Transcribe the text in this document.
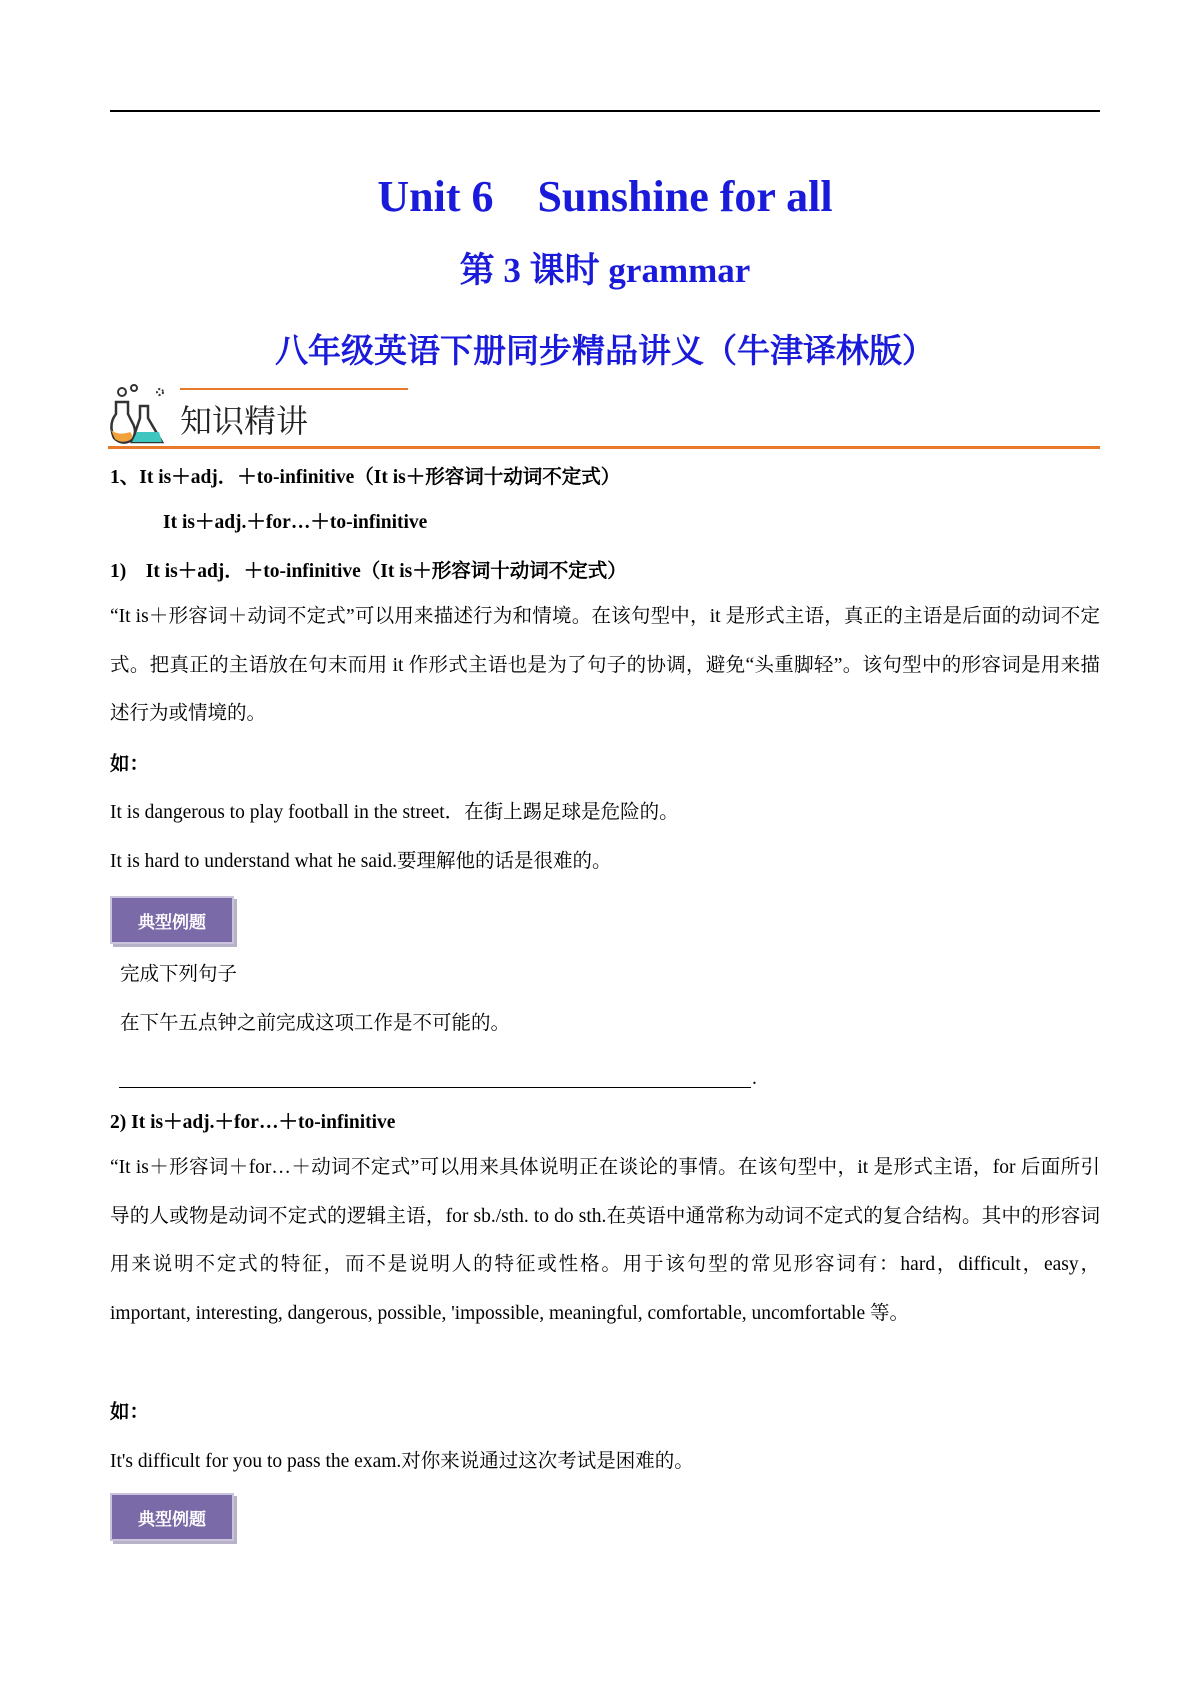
Unit 6　Sunshine for all
第 3 课时 grammar
八年级英语下册同步精品讲义（牛津译林版）
知识精讲
1、It is＋adj．＋to-infinitive（It is＋形容词十动词不定式）
It is＋adj.＋for…＋to-infinitive
1)　It is＋adj．＋to-infinitive（It is＋形容词十动词不定式）
“It is＋形容词＋动词不定式”可以用来描述行为和情境。在该句型中，it 是形式主语，真正的主语是后面的动词不定式。把真正的主语放在句末而用 it 作形式主语也是为了句子的协调，避免“头重脚轻”。该句型中的形容词是用来描述行为或情境的。
如：
It is dangerous to play football in the street．在街上踢足球是危险的。
It is hard to understand what he said.要理解他的话是很难的。
典型例题
完成下列句子
在下午五点钟之前完成这项工作是不可能的。
.
2) It is＋adj.＋for…＋to-infinitive
“It is＋形容词＋for…＋动词不定式”可以用来具体说明正在谈论的事情。在该句型中，it 是形式主语，for 后面所引导的人或物是动词不定式的逻辑主语，for sb./sth. to do sth.在英语中通常称为动词不定式的复合结构。其中的形容词用来说明不定式的特征，而不是说明人的特征或性格。用于该句型的常见形容词有：hard，difficult，easy，important, interesting, dangerous, possible, 'impossible, meaningful, comfortable, uncomfortable 等。
如：
It's difficult for you to pass the exam.对你来说通过这次考试是困难的。
典型例题
